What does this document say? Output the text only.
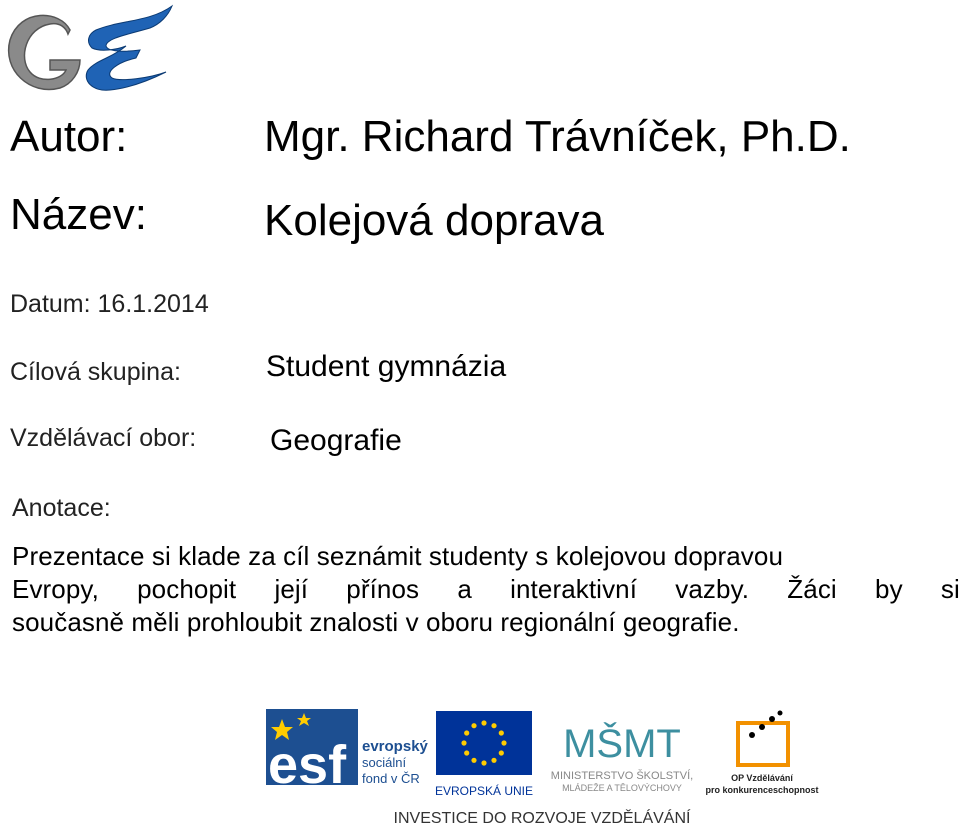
Autor:	Mgr. Richard Trávníček, Ph.D.
Název:	Kolejová doprava
Datum: 16.1.2014
Cílová skupina:	Student gymnázia
Vzdělávací obor: Geografie
Anotace:
Prezentace si klade za cíl seznámit studenty s kolejovou dopravou
Evropy, pochopit její přínos a interaktivní vazby. Žáci by si
současně měli prohloubit znalosti v oboru regionální geografie.
esf evropský
sociální
fond v ČR
EVROPSKÁ UNIE
MŠMT
MINISTERSTVO ŠKOLSTVÍ,
MLÁDEŽE A TĚLOVÝCHOVY
OP Vzdělávání
pro konkurenceschopnost
INVESTICE DO ROZVOJE VZDĚLÁVÁNÍ
